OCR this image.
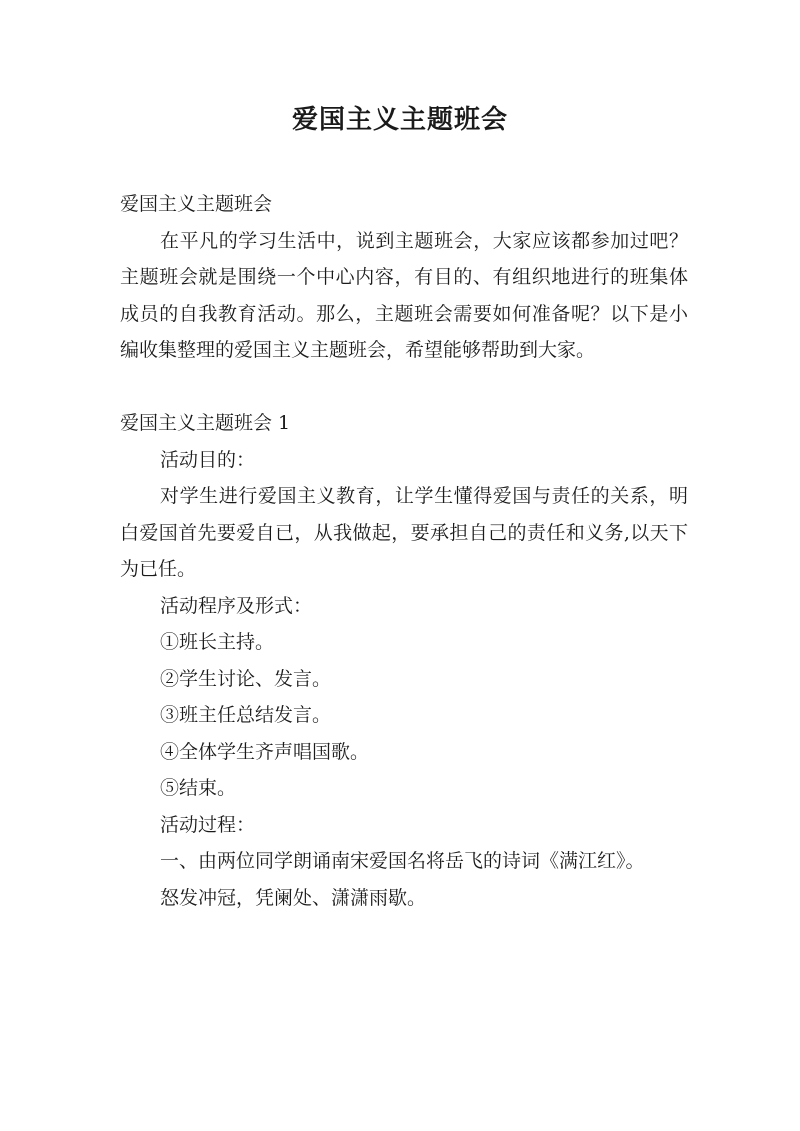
爱国主义主题班会
爱国主义主题班会

在平凡的学习生活中，说到主题班会，大家应该都参加过吧？主题班会就是围绕一个中心内容，有目的、有组织地进行的班集体成员的自我教育活动。那么，主题班会需要如何准备呢？以下是小编收集整理的爱国主义主题班会，希望能够帮助到大家。

爱国主义主题班会 1
活动目的：

对学生进行爱国主义教育，让学生懂得爱国与责任的关系，明白爱国首先要爱自已，从我做起，要承担自己的责任和义务,以天下为已任。

活动程序及形式：
①班长主持。
②学生讨论、发言。
③班主任总结发言。
④全体学生齐声唱国歌。
⑤结束。
活动过程：

一、由两位同学朗诵南宋爱国名将岳飞的诗词《满江红》。

怒发冲冠，凭阑处、潇潇雨歇。
